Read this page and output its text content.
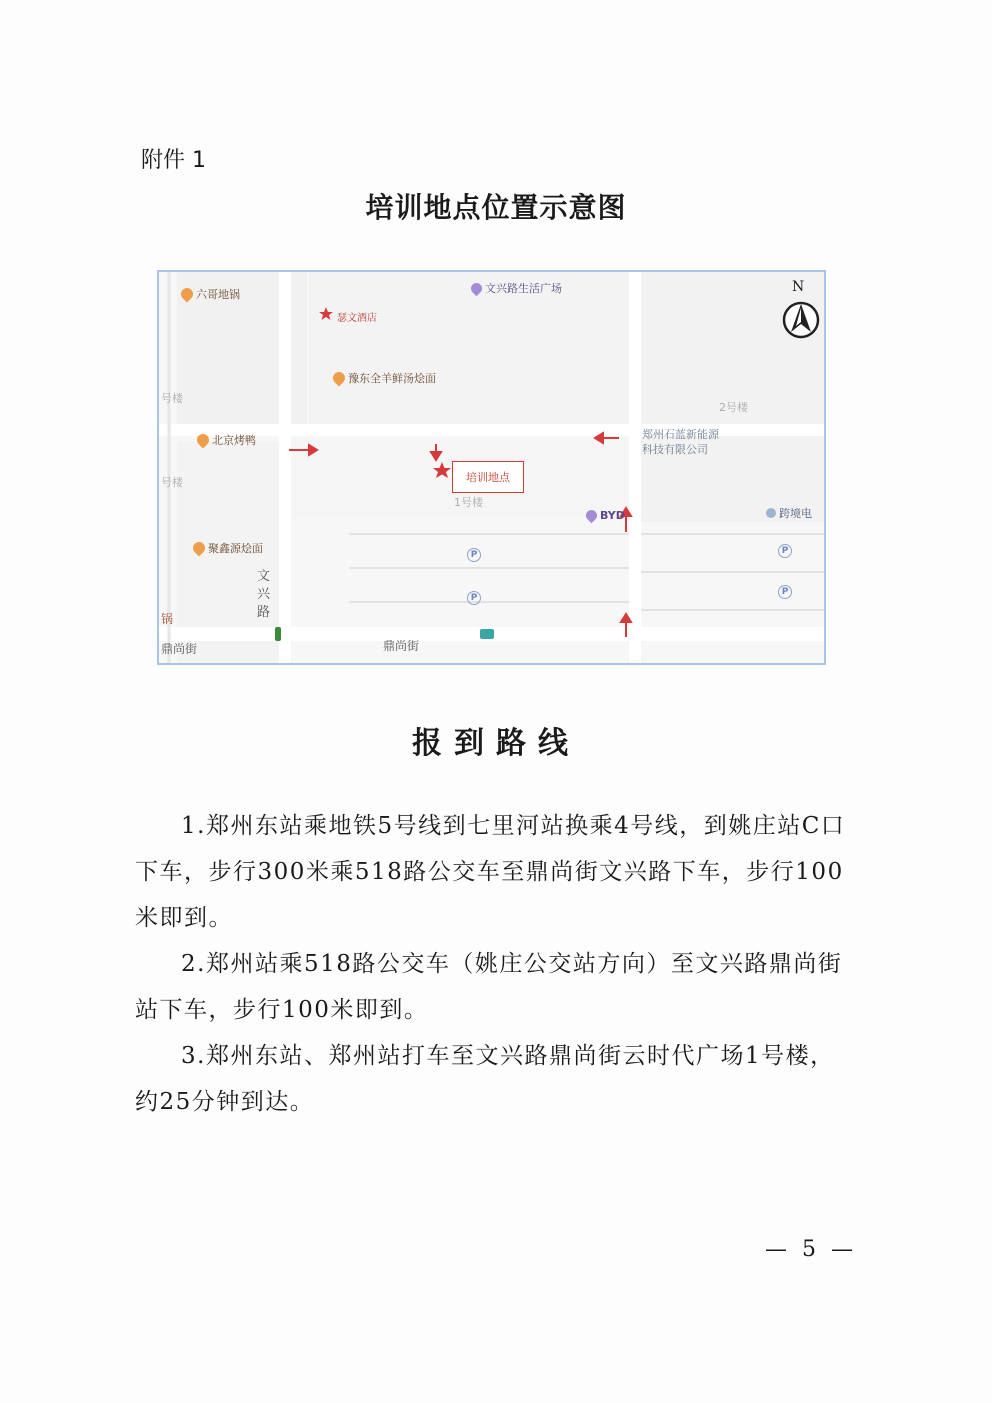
附件 1
培训地点位置示意图
六哥地锅	文兴路生活广场
瑟文酒店
豫东全羊鲜汤烩面
北京烤鸭
聚鑫源烩面
跨境电
BYD
2号楼
1号楼
号楼
号楼
郑州石蓝新能源
科技有限公司
培训地点
P
P
P
P
文兴路
鼎尚街	鼎尚街
锅
N
报到路线

1.郑州东站乘地铁5号线到七里河站换乘4号线，到姚庄站C口下车，步行300米乘518路公交车至鼎尚街文兴路下车，步行100米即到。

2.郑州站乘518路公交车（姚庄公交站方向）至文兴路鼎尚街站下车，步行100米即到。

3.郑州东站、郑州站打车至文兴路鼎尚街云时代广场1号楼，约25分钟到达。

— 5 —
